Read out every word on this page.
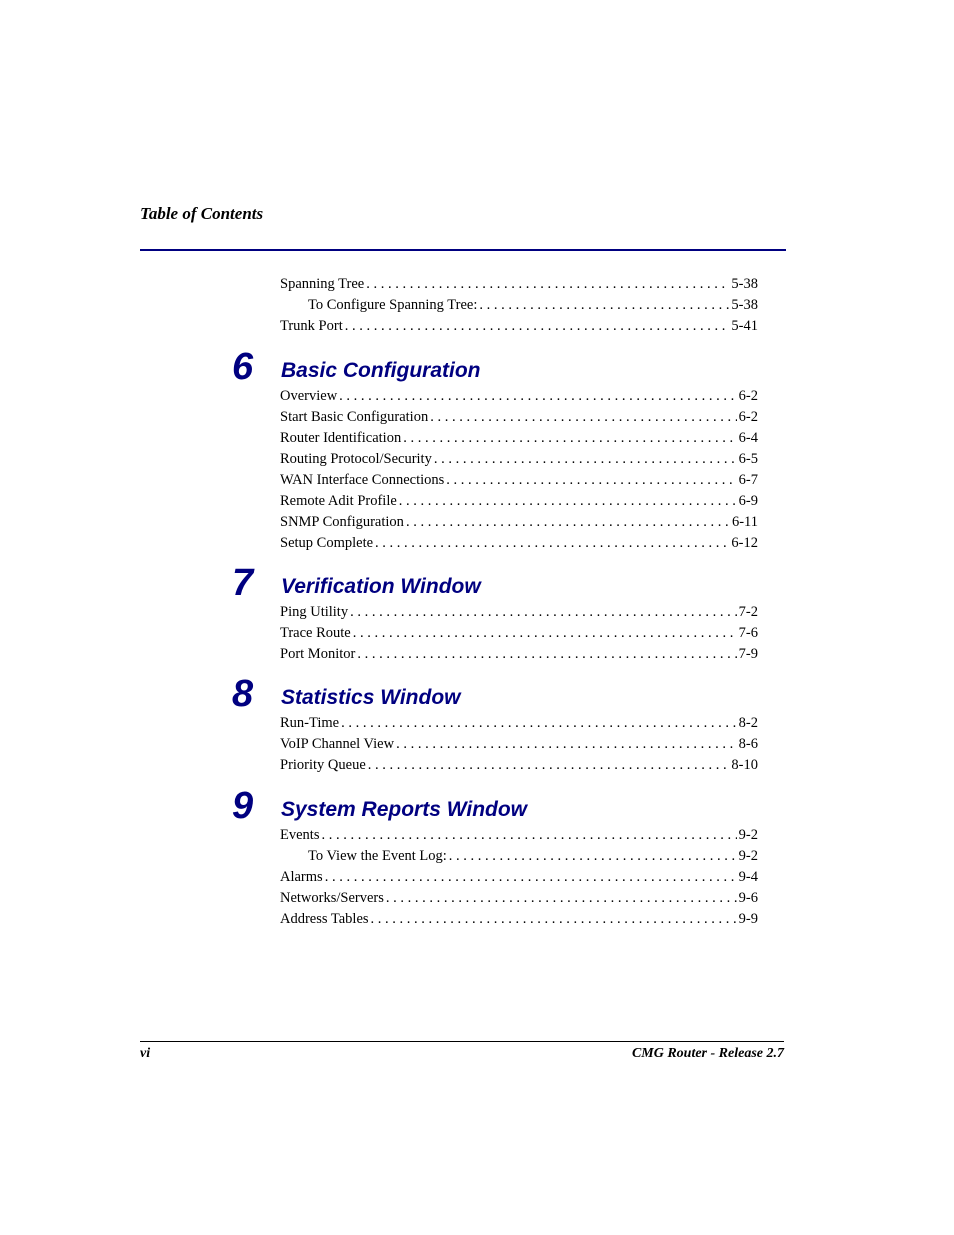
Table of Contents
Spanning Tree . . .	5-38
To Configure Spanning Tree: . . .	5-38
Trunk Port . . .	5-41
6 Basic Configuration
Overview . . .	6-2
Start Basic Configuration . . .	6-2
Router Identification . . .	6-4
Routing Protocol/Security . . .	6-5
WAN Interface Connections . . .	6-7
Remote Adit Profile . . .	6-9
SNMP Configuration . . .	6-11
Setup Complete . . .	6-12
7 Verification Window
Ping Utility . . .	7-2
Trace Route . . .	7-6
Port Monitor . . .	7-9
8 Statistics Window
Run-Time . . .	8-2
VoIP Channel View . . .	8-6
Priority Queue . . .	8-10
9 System Reports Window
Events . . .	9-2
To View the Event Log: . . .	9-2
Alarms . . .	9-4
Networks/Servers . . .	9-6
Address Tables . . .	9-9
vi	CMG Router - Release 2.7
